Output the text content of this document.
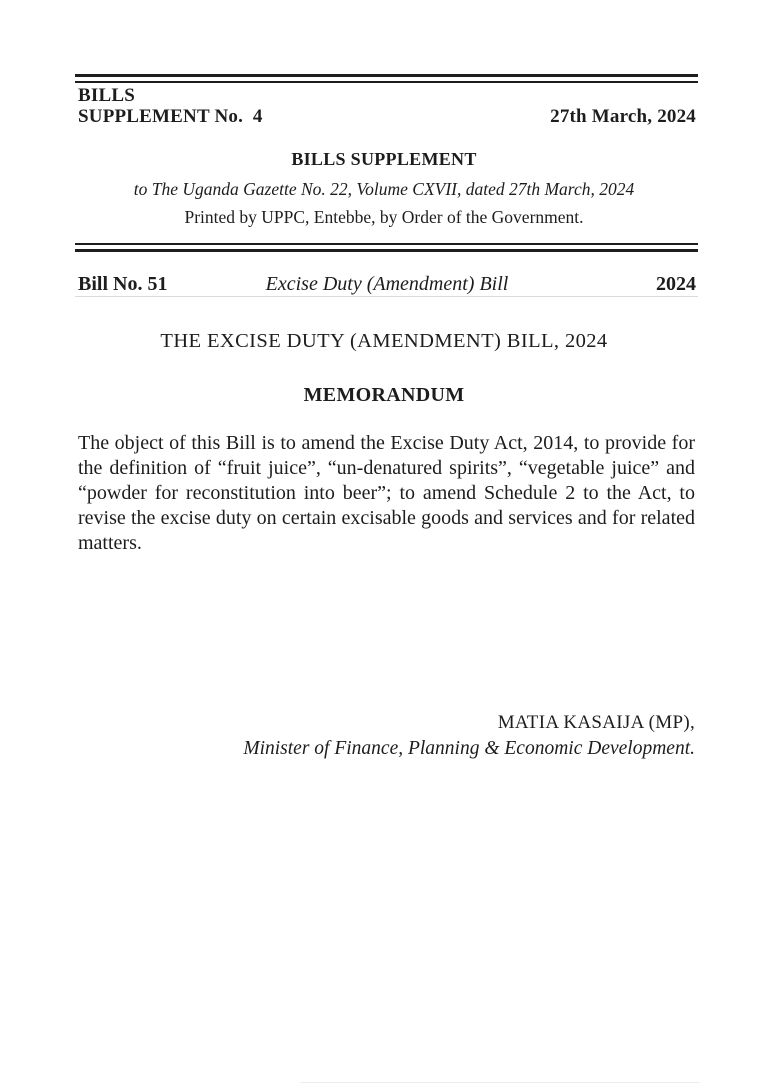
BILLS
SUPPLEMENT No.  4	27th March, 2024
BILLS SUPPLEMENT
to The Uganda Gazette No. 22, Volume CXVII, dated 27th March, 2024
Printed by UPPC, Entebbe, by Order of the Government.
Bill No. 51	Excise Duty (Amendment) Bill	2024
THE EXCISE DUTY (AMENDMENT) BILL, 2024
MEMORANDUM
The object of this Bill is to amend the Excise Duty Act, 2014, to provide for the definition of “fruit juice”, “un-denatured spirits”, “vegetable juice” and “powder for reconstitution into beer”; to amend Schedule 2 to the Act, to revise the excise duty on certain excisable goods and services and for related matters.
MATIA KASAIJA (MP),
Minister of Finance, Planning & Economic Development.
